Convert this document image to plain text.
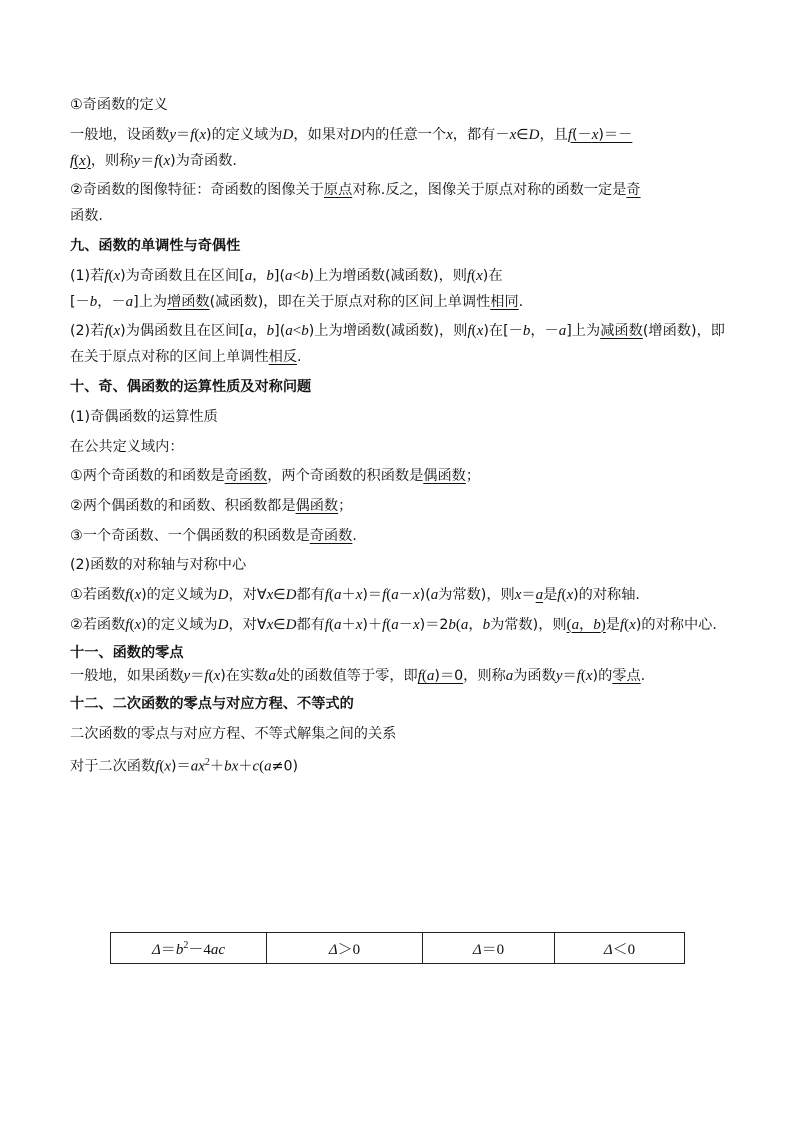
①奇函数的定义

一般地，设函数y＝f(x)的定义域为D，如果对D内的任意一个x，都有－x∈D，且f(－x)＝－
f(x)，则称y＝f(x)为奇函数.

②奇函数的图像特征：奇函数的图像关于原点对称.反之，图像关于原点对称的函数一定是奇
函数.

九、函数的单调性与奇偶性

(1)若f(x)为奇函数且在区间[a，b](a<b)上为增函数(减函数)，则f(x)在
[－b，－a]上为增函数(减函数)，即在关于原点对称的区间上单调性相同.

(2)若f(x)为偶函数且在区间[a，b](a<b)上为增函数(减函数)，则f(x)在[－b，－a]上为减函数(增函数)，即在关于原点对称的区间上单调性相反.

十、奇、偶函数的运算性质及对称问题

(1)奇偶函数的运算性质

在公共定义域内：

①两个奇函数的和函数是奇函数，两个奇函数的积函数是偶函数；

②两个偶函数的和函数、积函数都是偶函数；

③一个奇函数、一个偶函数的积函数是奇函数.

(2)函数的对称轴与对称中心

①若函数f(x)的定义域为D，对∀x∈D都有f(a＋x)＝f(a－x)(a为常数)，则x＝a是f(x)的对称轴.

②若函数f(x)的定义域为D，对∀x∈D都有f(a＋x)＋f(a－x)＝2b(a，b为常数)，则(a，b)是f(x)的对称中心.

十一、函数的零点

一般地，如果函数y＝f(x)在实数a处的函数值等于零，即f(a)＝0，则称a为函数y＝f(x)的零点.

十二、二次函数的零点与对应方程、不等式的

二次函数的零点与对应方程、不等式解集之间的关系

对于二次函数$f(x)=ax^2+bx+c(a\ne 0)$

$\Delta=b^2-4ac$	Δ＞0	Δ＝0	Δ＜0
